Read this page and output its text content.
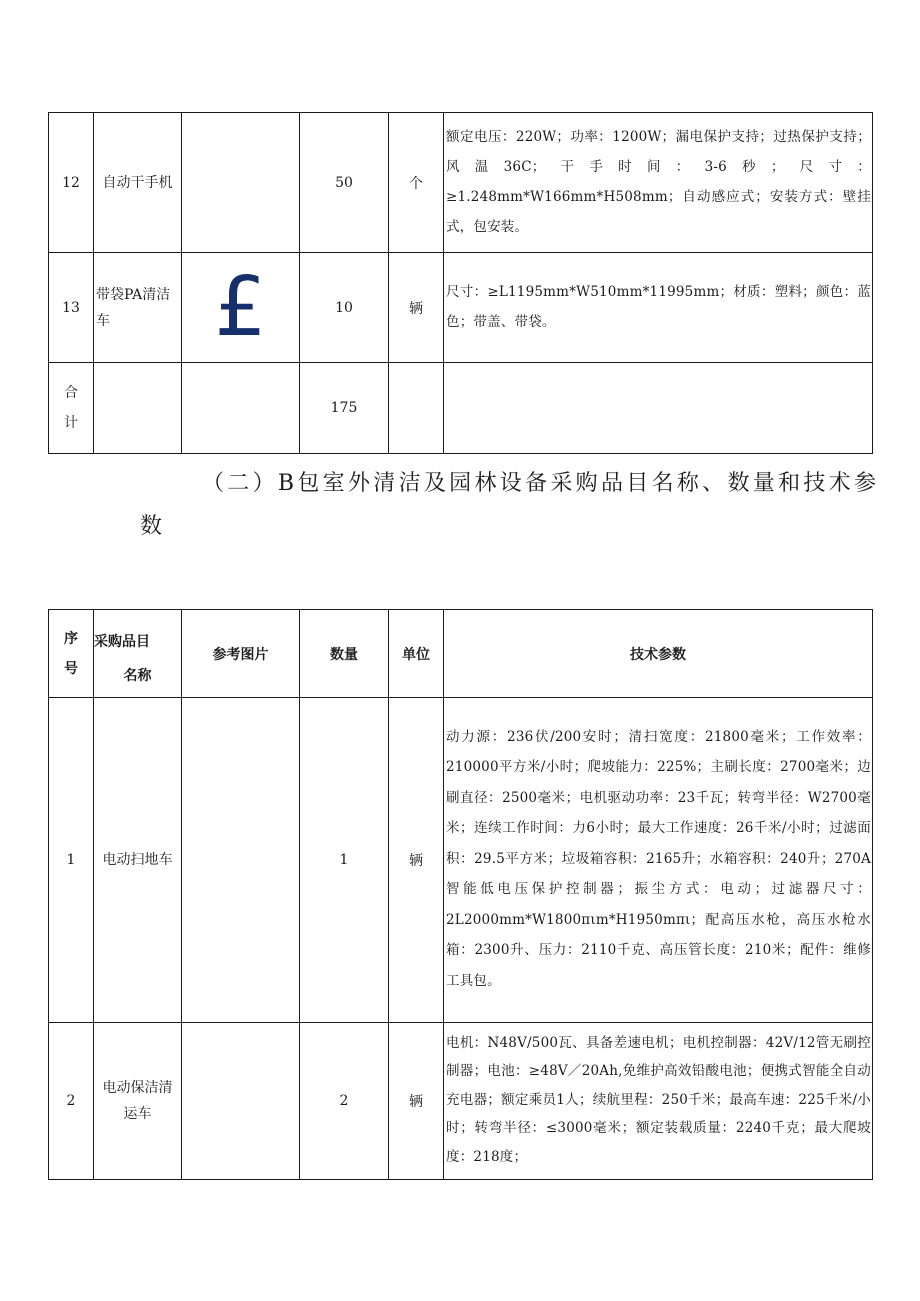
12	自动干手机		50	个	额定电压：220W；功率：1200W；漏电保护支持；过热保护支持；风温36C；干手时间：3-6秒；尺寸：≥1.248mm*W166mm*H508mm；自动感应式；安装方式：壁挂式，包安装。
13	带袋PA清洁车	£	10	辆	尺寸：≥L1195mm*W510mm*11995mm；材质：塑料；颜色：蓝色；带盖、带袋。

合
计			175		
（二）B包室外清洁及园林设备采购品目名称、数量和技术参
数
序
号	采购品目
名称	参考图片	数量	单位	技术参数
1	电动扫地车		1	辆	动力源：236伏/200安时；清扫宽度：21800毫米；工作效率：210000平方米/小时；爬坡能力：225%；主刷长度：2700毫米；边刷直径：2500毫米；电机驱动功率：23千瓦；转弯半径：W2700毫米；连续工作时间：力6小时；最大工作速度：26千米/小时；过滤面积：29.5平方米；垃圾箱容积：2165升；水箱容积：240升；270A智能低电压保护控制器；振尘方式：电动；过滤器尺寸：2L2000mm*W1800πιm*H1950mπι；配高压水枪，高压水枪水箱：2300升、压力：2110千克、高压管长度：210米；配件：维修工具包。
2	电动保洁清运车		2	辆	电机：N48V/500瓦、具备差速电机；电机控制器：42V/12管无刷控制器；电池：≥48V／20Ah,免维护高效铅酸电池；便携式智能全自动充电器；额定乘员1人；续航里程：250千米；最高车速：225千米/小时；转弯半径：≤3000毫米；额定装载质量：2240千克；最大爬坡度：218度；
